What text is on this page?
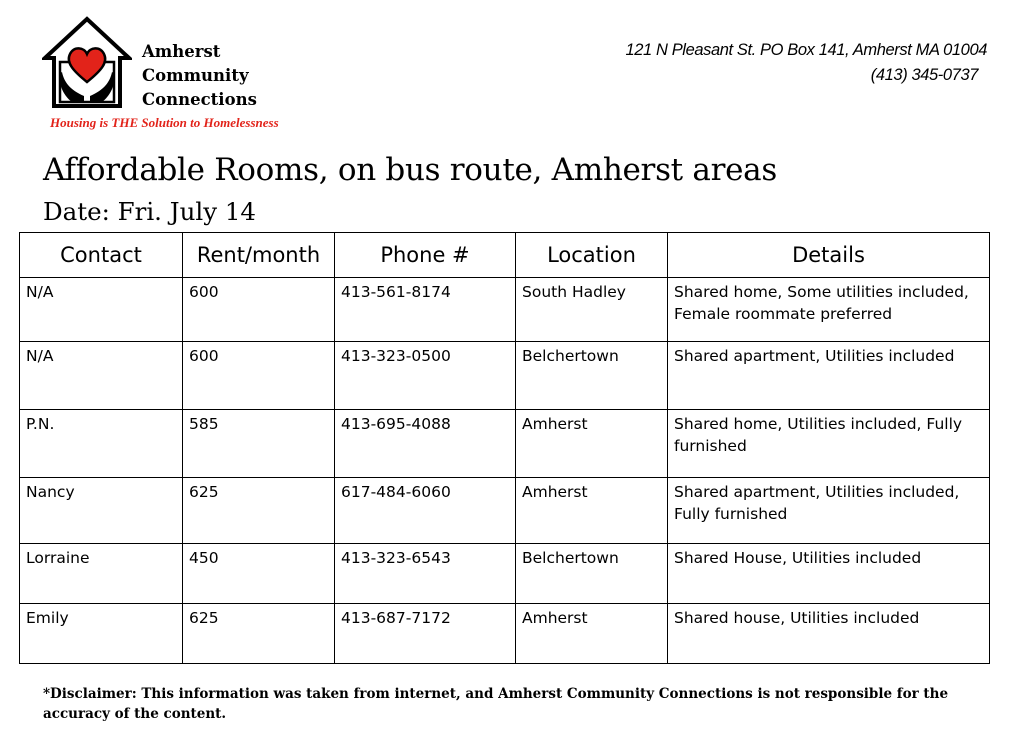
Amherst
Community
Connections
Housing is THE Solution to Homelessness
121 N Pleasant St. PO Box 141, Amherst MA 01004
(413) 345-0737
Affordable Rooms, on bus route, Amherst areas
Date: Fri. July 14
Contact	Rent/month	Phone #	Location	Details
N/A	600	413-561-8174	South Hadley	Shared home, Some utilities included, Female roommate preferred
N/A	600	413-323-0500	Belchertown	Shared apartment, Utilities included
P.N.	585	413-695-4088	Amherst	Shared home, Utilities included, Fully furnished
Nancy	625	617-484-6060	Amherst	Shared apartment, Utilities included, Fully furnished
Lorraine	450	413-323-6543	Belchertown	Shared House, Utilities included
Emily	625	413-687-7172	Amherst	Shared house, Utilities included
*Disclaimer: This information was taken from internet, and Amherst Community Connections is not responsible for the accuracy of the content.
